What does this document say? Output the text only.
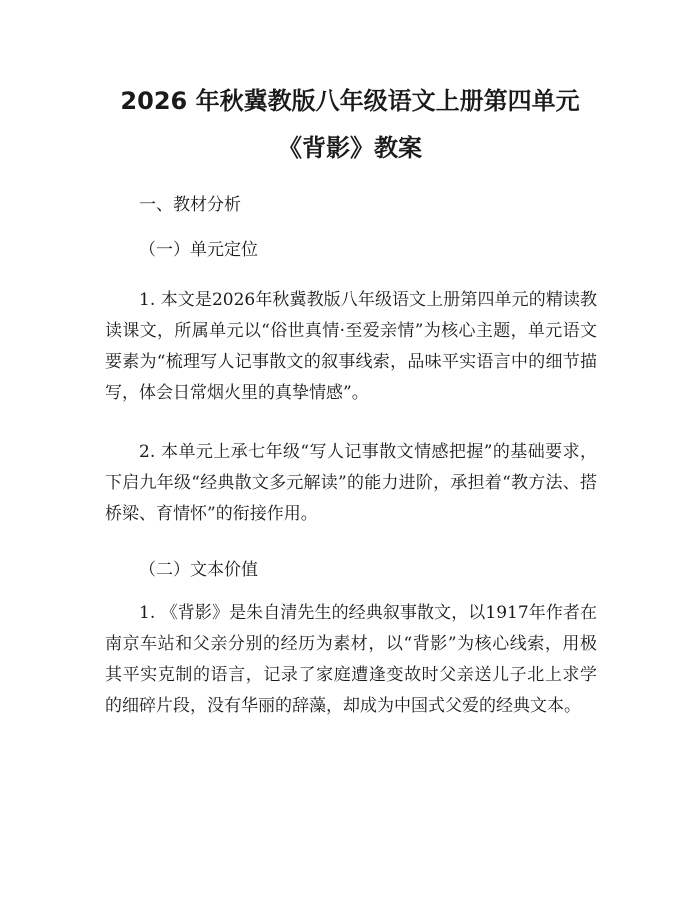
2026 年秋冀教版八年级语文上册第四单元
《背影》教案
一、教材分析
（一）单元定位

1. 本文是2026年秋冀教版八年级语文上册第四单元的精读教读课文，所属单元以“俗世真情·至爱亲情”为核心主题，单元语文要素为“梳理写人记事散文的叙事线索，品味平实语言中的细节描写，体会日常烟火里的真挚情感”。

2. 本单元上承七年级“写人记事散文情感把握”的基础要求，下启九年级“经典散文多元解读”的能力进阶，承担着“教方法、搭桥梁、育情怀”的衔接作用。

（二）文本价值

1. 《背影》是朱自清先生的经典叙事散文，以1917年作者在南京车站和父亲分别的经历为素材，以“背影”为核心线索，用极其平实克制的语言，记录了家庭遭逢变故时父亲送儿子北上求学的细碎片段，没有华丽的辞藻，却成为中国式父爱的经典文本。
